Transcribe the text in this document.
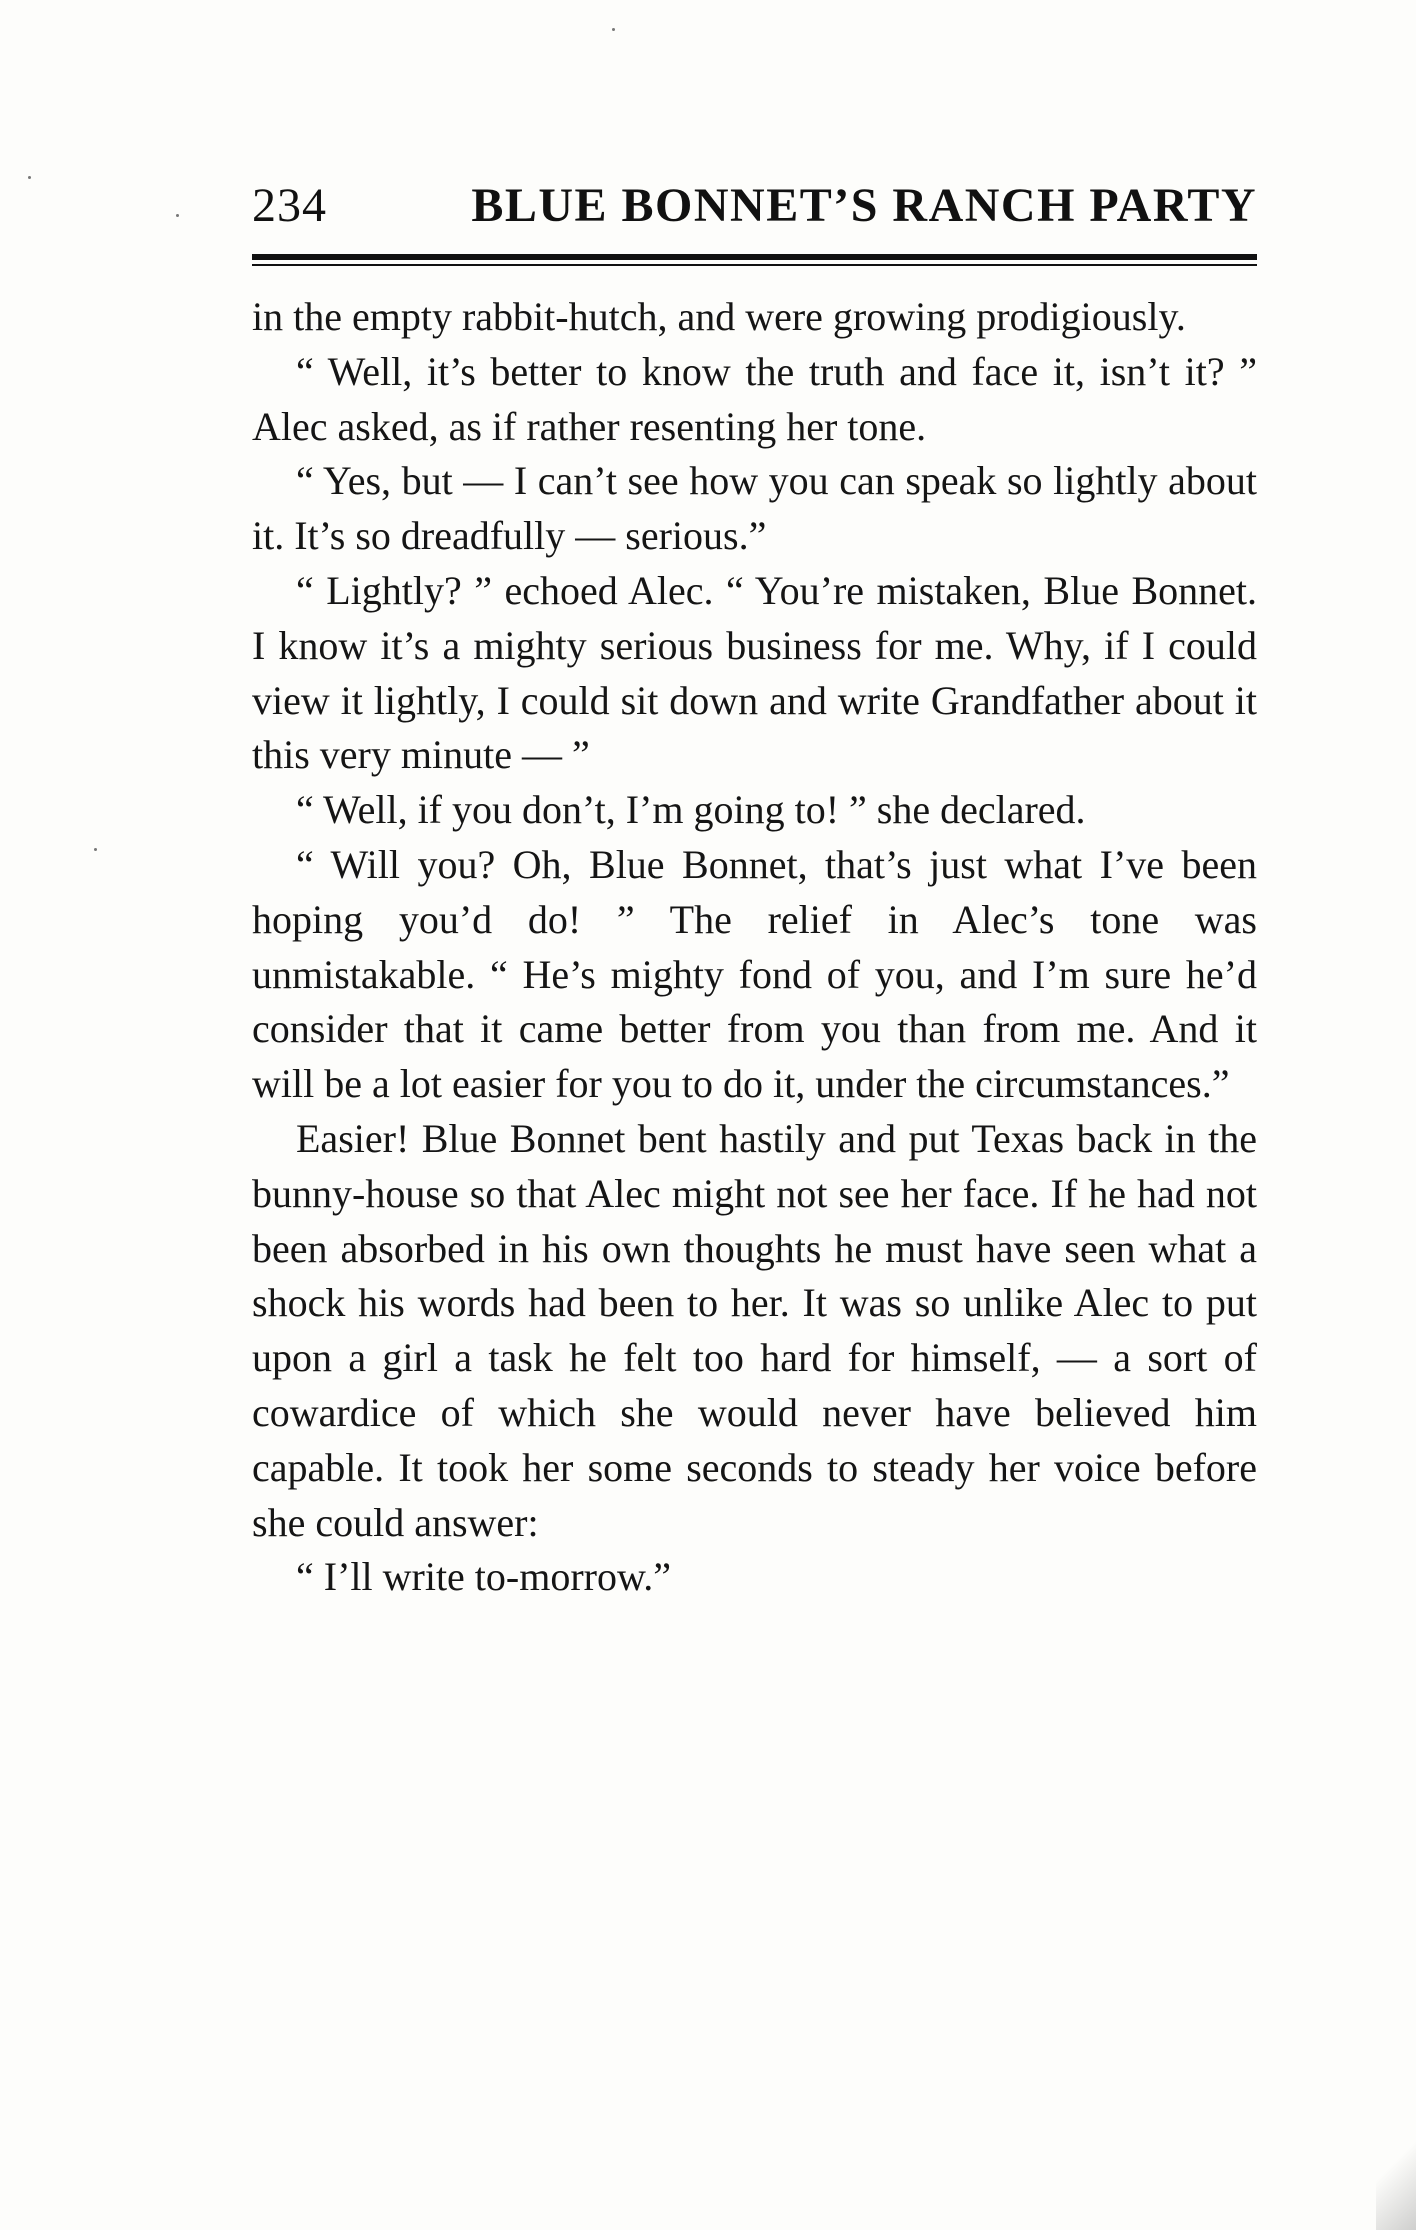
234	BLUE BONNET’S RANCH PARTY

in the empty rabbit-hutch, and were growing prodigiously.

“ Well, it’s better to know the truth and face it, isn’t it? ” Alec asked, as if rather resenting her tone.

“ Yes, but — I can’t see how you can speak so lightly about it. It’s so dreadfully — serious.”

“ Lightly? ” echoed Alec. “ You’re mistaken, Blue Bonnet. I know it’s a mighty serious business for me. Why, if I could view it lightly, I could sit down and write Grandfather about it this very minute — ”

“ Well, if you don’t, I’m going to! ” she declared.

“ Will you? Oh, Blue Bonnet, that’s just what I’ve been hoping you’d do! ” The relief in Alec’s tone was unmistakable. “ He’s mighty fond of you, and I’m sure he’d consider that it came better from you than from me. And it will be a lot easier for you to do it, under the circumstances.”

Easier! Blue Bonnet bent hastily and put Texas back in the bunny-house so that Alec might not see her face. If he had not been absorbed in his own thoughts he must have seen what a shock his words had been to her. It was so unlike Alec to put upon a girl a task he felt too hard for himself, — a sort of cowardice of which she would never have believed him capable. It took her some seconds to steady her voice before she could answer:

“ I’ll write to-morrow.”
